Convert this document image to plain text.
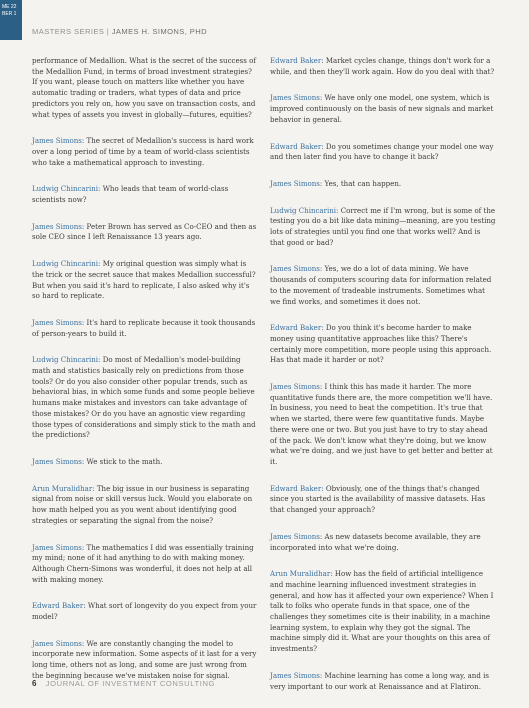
ME 22
BER 1
MASTERS SERIES | JAMES H. SIMONS, PHD

performance of Medallion. What is the secret of the success of the Medallion Fund, in terms of broad investment strategies? If you want, please touch on matters like whether you have automatic trading or traders, what types of data and price predictors you rely on, how you save on transaction costs, and what types of assets you invest in globally—futures, equities?

James Simons: The secret of Medallion's success is hard work over a long period of time by a team of world-class scientists who take a mathematical approach to investing.

Ludwig Chincarini: Who leads that team of world-class scientists now?

James Simons: Peter Brown has served as Co-CEO and then as sole CEO since I left Renaissance 13 years ago.

Ludwig Chincarini: My original question was simply what is the trick or the secret sauce that makes Medallion successful? But when you said it's hard to replicate, I also asked why it's so hard to replicate.

James Simons: It's hard to replicate because it took thousands of person-years to build it.

Ludwig Chincarini: Do most of Medallion's model-building math and statistics basically rely on predictions from those tools? Or do you also consider other popular trends, such as behavioral bias, in which some funds and some people believe humans make mistakes and investors can take advantage of those mistakes? Or do you have an agnostic view regarding those types of considerations and simply stick to the math and the predictions?

James Simons: We stick to the math.

Arun Muralidhar: The big issue in our business is separating signal from noise or skill versus luck. Would you elaborate on how math helped you as you went about identifying good strategies or separating the signal from the noise?

James Simons: The mathematics I did was essentially training my mind; none of it had anything to do with making money. Although Chern-Simons was wonderful, it does not help at all with making money.

Edward Baker: What sort of longevity do you expect from your model?

James Simons: We are constantly changing the model to incorporate new information. Some aspects of it last for a very long time, others not as long, and some are just wrong from the beginning because we've mistaken noise for signal.

Edward Baker: Market cycles change, things don't work for a while, and then they'll work again. How do you deal with that?

James Simons: We have only one model, one system, which is improved continuously on the basis of new signals and market behavior in general.

Edward Baker: Do you sometimes change your model one way and then later find you have to change it back?

James Simons: Yes, that can happen.

Ludwig Chincarini: Correct me if I'm wrong, but is some of the testing you do a bit like data mining—meaning, are you testing lots of strategies until you find one that works well? And is that good or bad?

James Simons: Yes, we do a lot of data mining. We have thousands of computers scouring data for information related to the movement of tradeable instruments. Sometimes what we find works, and sometimes it does not.

Edward Baker: Do you think it's become harder to make money using quantitative approaches like this? There's certainly more competition, more people using this approach. Has that made it harder or not?

James Simons: I think this has made it harder. The more quantitative funds there are, the more competition we'll have. In business, you need to beat the competition. It's true that when we started, there were few quantitative funds. Maybe there were one or two. But you just have to try to stay ahead of the pack. We don't know what they're doing, but we know what we're doing, and we just have to get better and better at it.

Edward Baker: Obviously, one of the things that's changed since you started is the availability of massive datasets. Has that changed your approach?

James Simons: As new datasets become available, they are incorporated into what we're doing.

Arun Muralidhar: How has the field of artificial intelligence and machine learning influenced investment strategies in general, and how has it affected your own experience? When I talk to folks who operate funds in that space, one of the challenges they sometimes cite is their inability, in a machine learning system, to explain why they got the signal. The machine simply did it. What are your thoughts on this area of investments?

James Simons: Machine learning has come a long way, and is very important to our work at Renaissance and at Flatiron.

6 JOURNAL OF INVESTMENT CONSULTING
